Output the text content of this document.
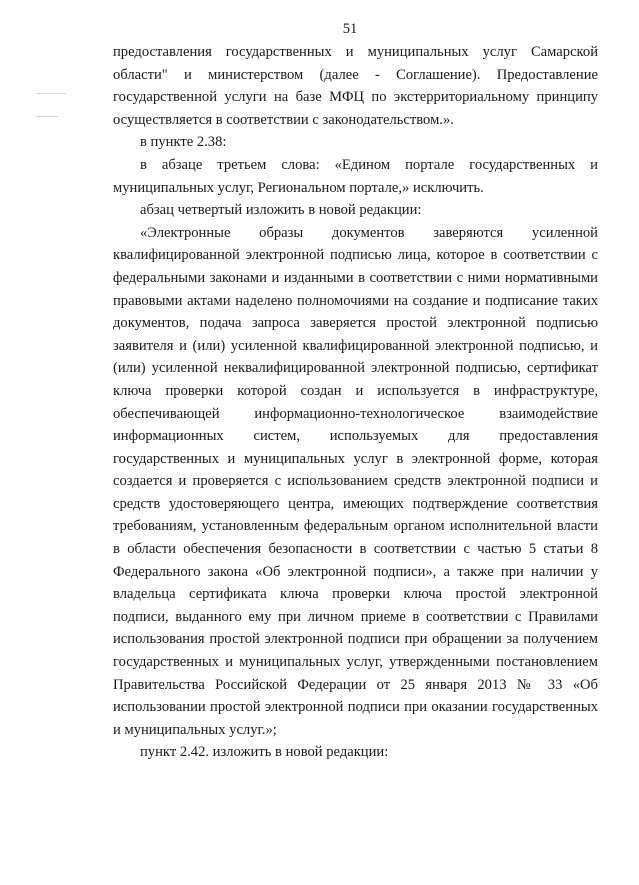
51

предоставления государственных и муниципальных услуг Самарской области" и министерством (далее - Соглашение). Предоставление государственной услуги на базе МФЦ по экстерриториальному принципу осуществляется в соответствии с законодательством.».

в пункте 2.38:

в абзаце третьем слова: «Едином портале государственных и муниципальных услуг, Региональном портале,» исключить.

абзац четвертый изложить в новой редакции:

«Электронные образы документов заверяются усиленной квалифицированной электронной подписью лица, которое в соответствии с федеральными законами и изданными в соответствии с ними нормативными правовыми актами наделено полномочиями на создание и подписание таких документов, подача запроса заверяется простой электронной подписью заявителя и (или) усиленной квалифицированной электронной подписью, и (или) усиленной неквалифицированной электронной подписью, сертификат ключа проверки которой создан и используется в инфраструктуре, обеспечивающей информационно-технологическое взаимодействие информационных систем, используемых для предоставления государственных и муниципальных услуг в электронной форме, которая создается и проверяется с использованием средств электронной подписи и средств удостоверяющего центра, имеющих подтверждение соответствия требованиям, установленным федеральным органом исполнительной власти в области обеспечения безопасности в соответствии с частью 5 статьи 8 Федерального закона «Об электронной подписи», а также при наличии у владельца сертификата ключа проверки ключа простой электронной подписи, выданного ему при личном приеме в соответствии с Правилами использования простой электронной подписи при обращении за получением государственных и муниципальных услуг, утвержденными постановлением Правительства Российской Федерации от 25 января 2013 № 33 «Об использовании простой электронной подписи при оказании государственных и муниципальных услуг.»;

пункт 2.42. изложить в новой редакции:
